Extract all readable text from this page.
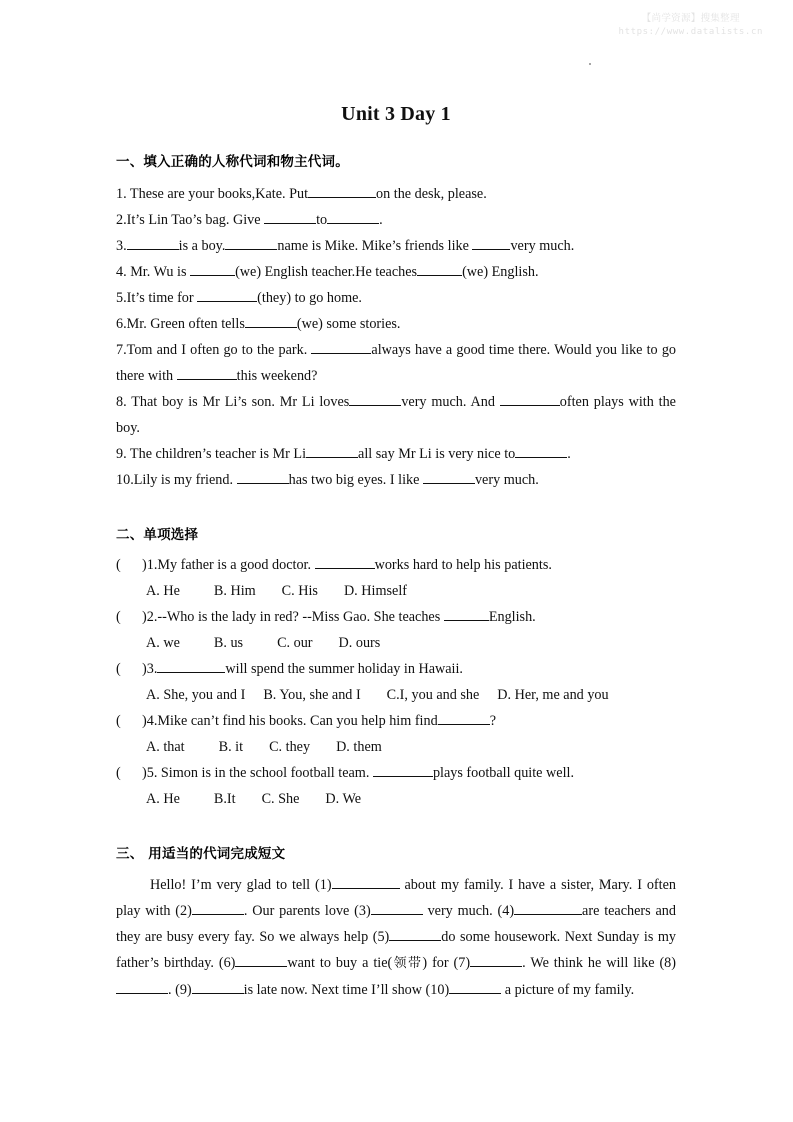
【尚学资源】搜集整理
https://www.datalists.cn
Unit 3 Day 1
一、填入正确的人称代词和物主代词。

1. These are your books,Kate. Put	on the desk, please.

2.It’s Lin Tao’s bag. Give	to	.

3.	is a boy.	name is Mike. Mike’s friends like	very much.

4. Mr. Wu is	(we) English teacher.He teaches	(we) English.

5.It’s time for	(they) to go home.

6.Mr. Green often tells	(we) some stories.

7.Tom and I often go to the park.	always have a good time there. Would you like to go there with	this weekend?

8. That boy is Mr Li’s son. Mr Li loves	very much. And	often plays with the boy.

9. The children’s teacher is Mr Li	all say Mr Li is very nice to	.

10.Lily is my friend.	has two big eyes. I like	very much.

二、单项选择

( )1.My father is a good doctor.	works hard to help his patients.

A. He B. Him C. His D. Himself

( )2.--Who is the lady in red? --Miss Gao. She teaches	English.

A. we B. us C. our D. ours

( )3.	will spend the summer holiday in Hawaii.

A. She, you and I B. You, she and I C.I, you and she D. Her, me and you

( )4.Mike can’t find his books. Can you help him find	?

A. that B. it C. they D. them

( )5. Simon is in the school football team.	plays football quite well.

A. He B.It C. She D. We

三、 用适当的代词完成短文

Hello! I’m very glad to tell (1)	about my family. I have a sister, Mary. I often play with (2)	. Our parents love (3)	very much. (4)	are teachers and they are busy every fay. So we always help (5)	do some housework. Next Sunday is my father’s birthday. (6)	want to buy a tie(领带) for (7)	. We think he will like (8). (9)	is late now. Next time I’ll show (10)	a picture of my family.
